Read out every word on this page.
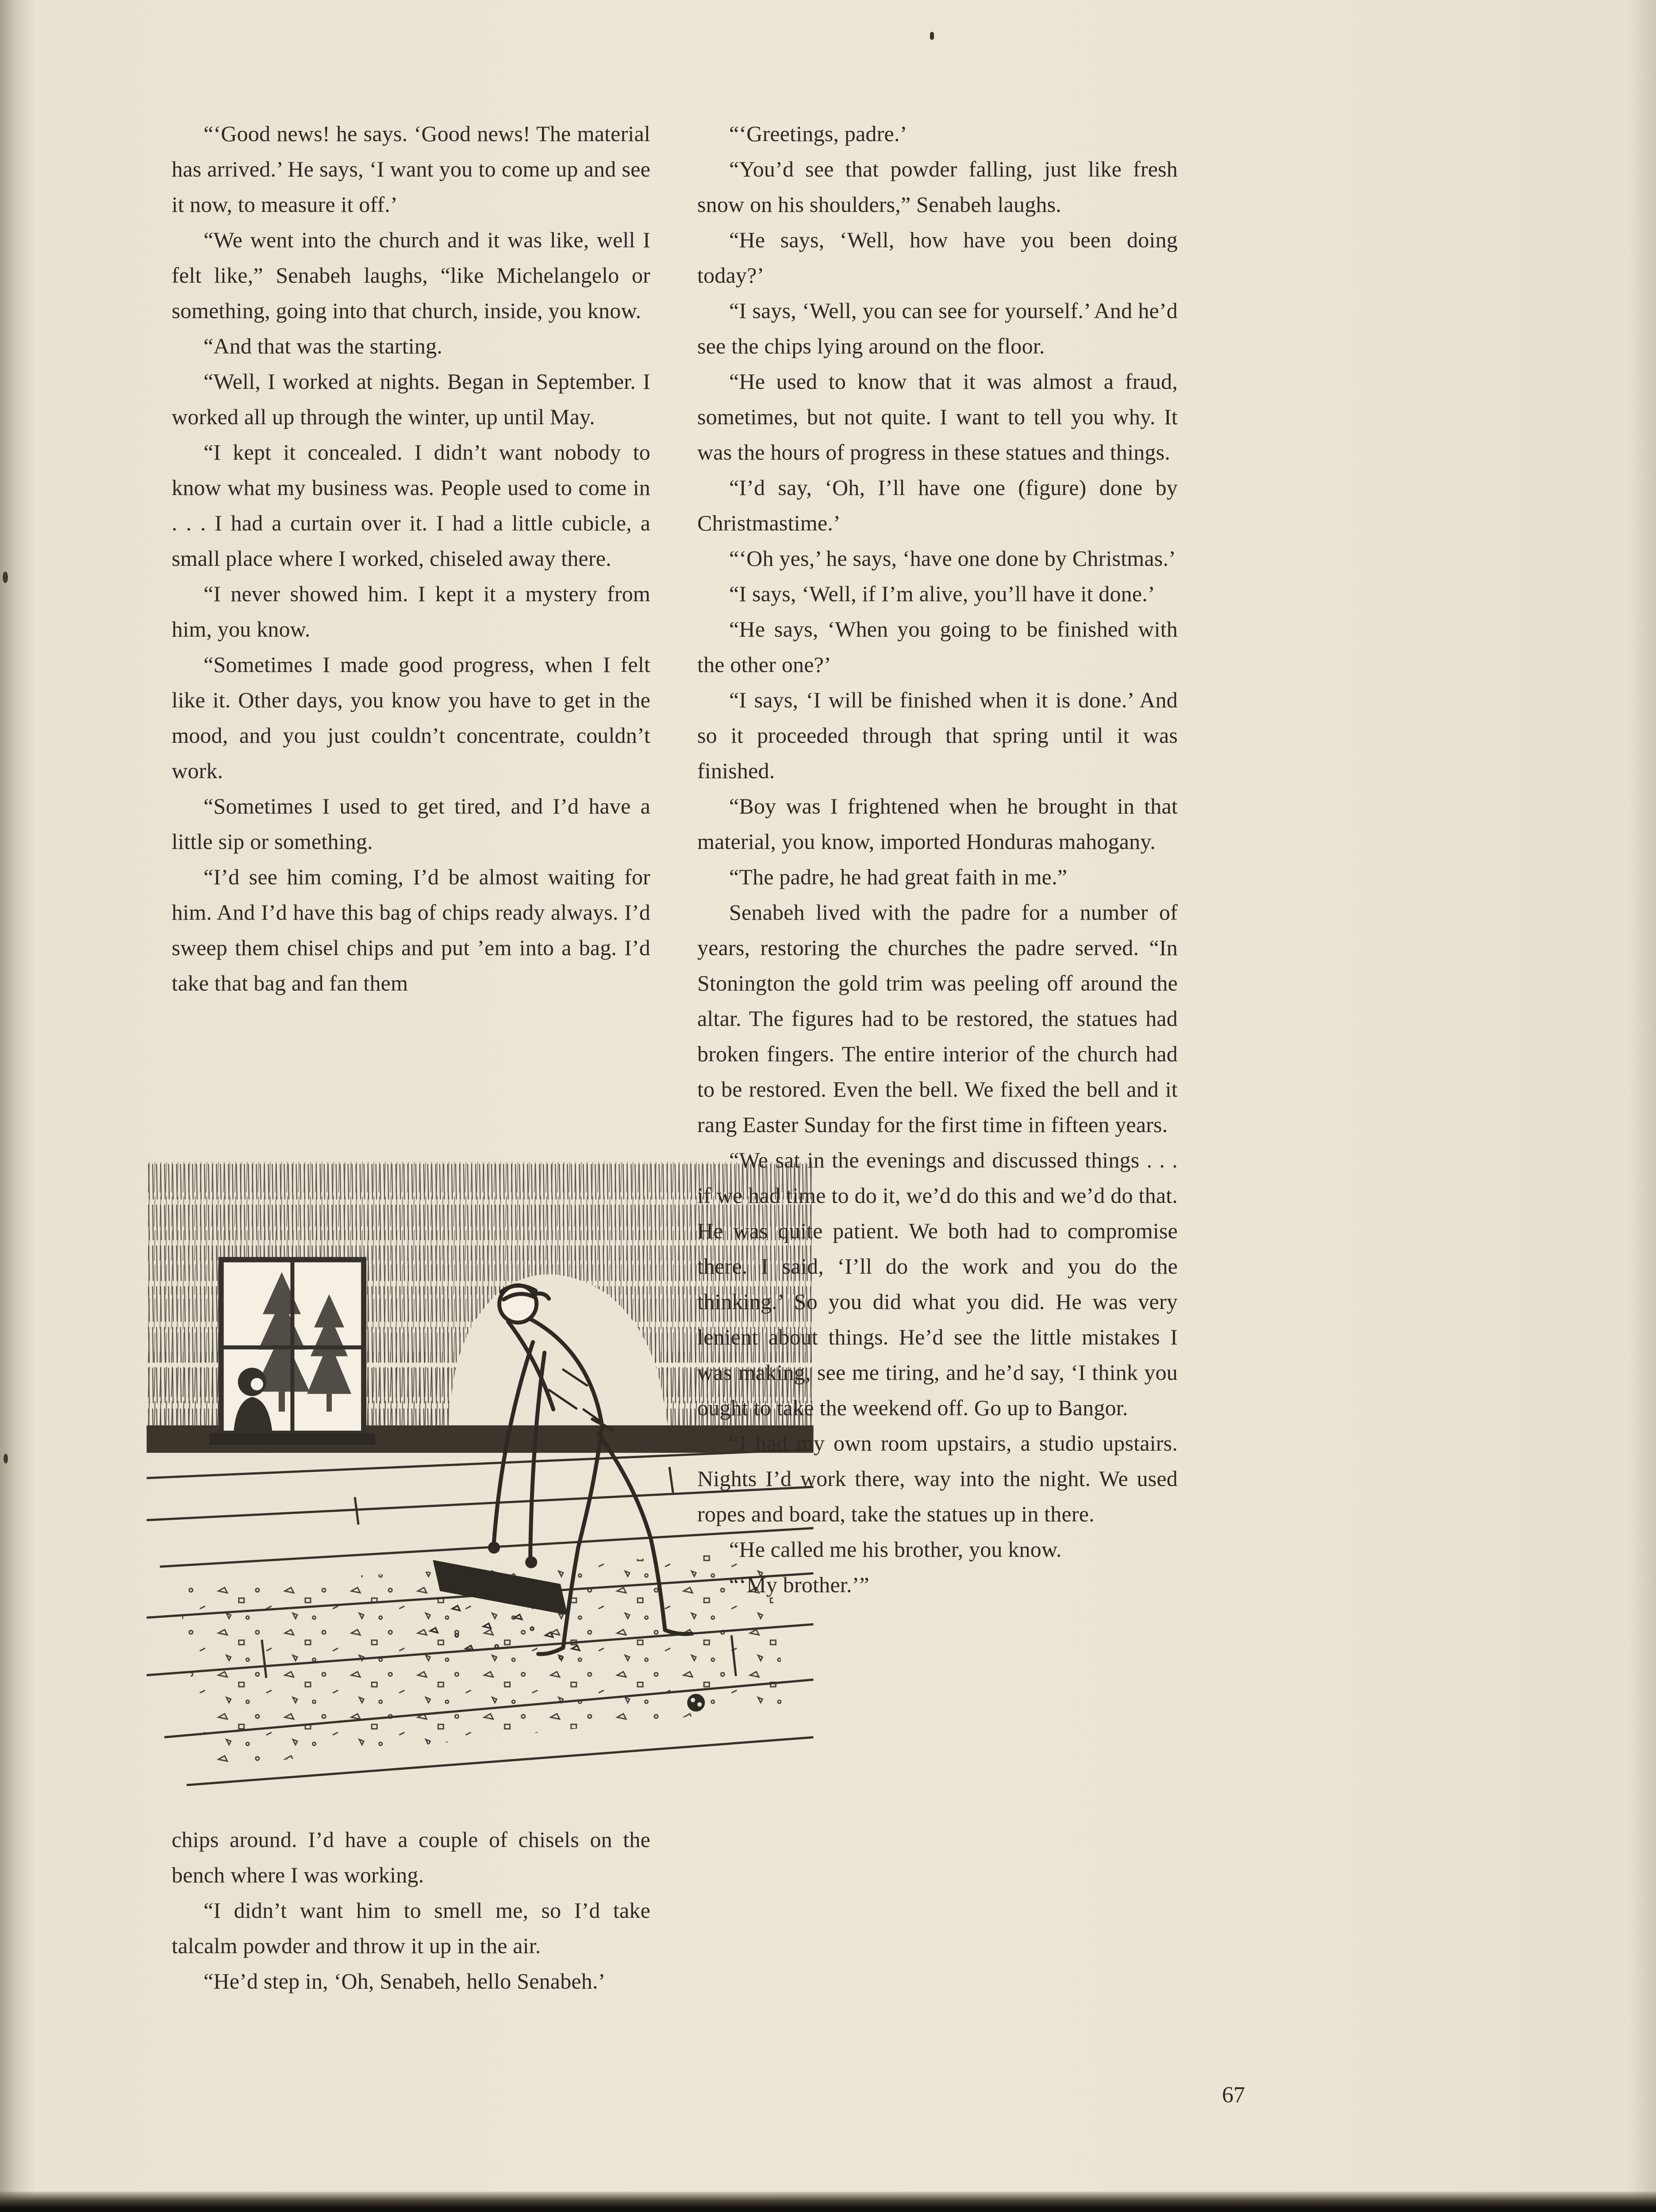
“‘Good news! he says. ‘Good news! The material has arrived.’ He says, ‘I want you to come up and see it now, to measure it off.’

“We went into the church and it was like, well I felt like,” Senabeh laughs, “like Michelangelo or something, going into that church, inside, you know.

“And that was the starting.

“Well, I worked at nights. Began in September. I worked all up through the winter, up until May.

“I kept it concealed. I didn’t want nobody to know what my business was. People used to come in . . . I had a curtain over it. I had a little cubicle, a small place where I worked, chiseled away there.

“I never showed him. I kept it a mystery from him, you know.

“Sometimes I made good progress, when I felt like it. Other days, you know you have to get in the mood, and you just couldn’t concentrate, couldn’t work.

“Sometimes I used to get tired, and I’d have a little sip or something.

“I’d see him coming, I’d be almost waiting for him. And I’d have this bag of chips ready always. I’d sweep them chisel chips and put ’em into a bag. I’d take that bag and fan them

chips around. I’d have a couple of chisels on the bench where I was working.

“I didn’t want him to smell me, so I’d take talcalm powder and throw it up in the air.

“He’d step in, ‘Oh, Senabeh, hello Senabeh.’

“‘Greetings, padre.’

“You’d see that powder falling, just like fresh snow on his shoulders,” Senabeh laughs.

“He says, ‘Well, how have you been doing today?’

“I says, ‘Well, you can see for yourself.’ And he’d see the chips lying around on the floor.

“He used to know that it was almost a fraud, sometimes, but not quite. I want to tell you why. It was the hours of progress in these statues and things.

“I’d say, ‘Oh, I’ll have one (figure) done by Christmastime.’

“‘Oh yes,’ he says, ‘have one done by Christmas.’

“I says, ‘Well, if I’m alive, you’ll have it done.’

“He says, ‘When you going to be finished with the other one?’

“I says, ‘I will be finished when it is done.’ And so it proceeded through that spring until it was finished.

“Boy was I frightened when he brought in that material, you know, imported Honduras mahogany.

“The padre, he had great faith in me.”

Senabeh lived with the padre for a number of years, restoring the churches the padre served. “In Stonington the gold trim was peeling off around the altar. The figures had to be restored, the statues had broken fingers. The entire interior of the church had to be restored. Even the bell. We fixed the bell and it rang Easter Sunday for the first time in fifteen years.

“We sat in the evenings and discussed things . . . if we had time to do it, we’d do this and we’d do that. He was quite patient. We both had to compromise there. I said, ‘I’ll do the work and you do the thinking.’ So you did what you did. He was very lenient about things. He’d see the little mistakes I was making, see me tiring, and he’d say, ‘I think you ought to take the weekend off. Go up to Bangor.

“I had my own room upstairs, a studio upstairs. Nights I’d work there, way into the night. We used ropes and board, take the statues up in there.

“He called me his brother, you know.

“‘My brother.’”

67
